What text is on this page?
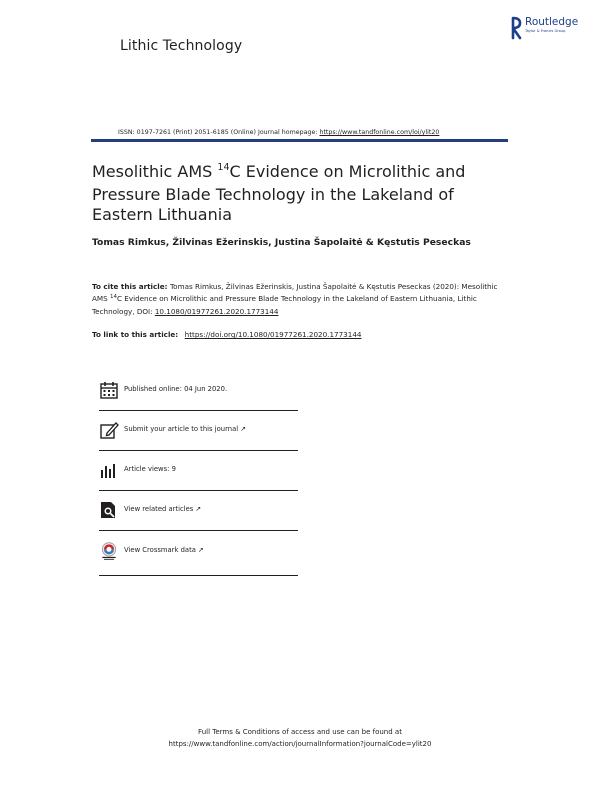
Lithic Technology
Routledge
Taylor & Francis Group
ISSN: 0197-7261 (Print) 2051-6185 (Online) Journal homepage: https://www.tandfonline.com/loi/ylit20
Mesolithic AMS $^{14}$C Evidence on Microlithic and Pressure Blade Technology in the Lakeland of Eastern Lithuania
Tomas Rimkus, Žilvinas Ežerinskis, Justina Šapolaitė & Kęstutis Peseckas
To cite this article: Tomas Rimkus, Žilvinas Ežerinskis, Justina Šapolaitė & Kęstutis Peseckas (2020): Mesolithic AMS $^{14}$C Evidence on Microlithic and Pressure Blade Technology in the Lakeland of Eastern Lithuania, Lithic Technology, DOI: 10.1080/01977261.2020.1773144
To link to this article: https://doi.org/10.1080/01977261.2020.1773144
Published online: 04 Jun 2020.
Submit your article to this journal ↗
Article views: 9
View related articles ↗
View Crossmark data ↗
Full Terms & Conditions of access and use can be found at
https://www.tandfonline.com/action/journalInformation?journalCode=ylit20
